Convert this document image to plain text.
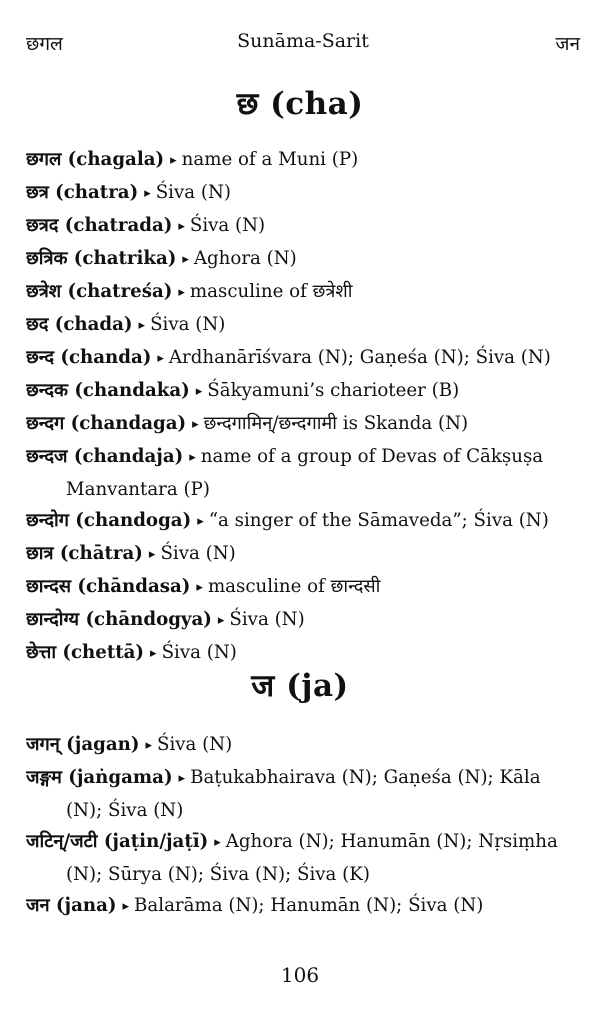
छगल	Sunāma-Sarit	जन
छ (cha)
छगल (chagala) ▸ name of a Muni (P)
छत्र (chatra) ▸ Śiva (N)
छत्रद (chatrada) ▸ Śiva (N)
छत्रिक (chatrika) ▸ Aghora (N)
छत्रेश (chatreśa) ▸ masculine of छत्रेशी
छद (chada) ▸ Śiva (N)
छन्द (chanda) ▸ Ardhanārīśvara (N); Gaṇeśa (N); Śiva (N)
छन्दक (chandaka) ▸ Śākyamuni’s charioteer (B)
छन्दग (chandaga) ▸ छन्दगामिन्/छन्दगामी is Skanda (N)
छन्दज (chandaja) ▸ name of a group of Devas of Cākṣuṣa
Manvantara (P)
छन्दोग (chandoga) ▸ “a singer of the Sāmaveda”; Śiva (N)
छात्र (chātra) ▸ Śiva (N)
छान्दस (chāndasa) ▸ masculine of छान्दसी
छान्दोग्य (chāndogya) ▸ Śiva (N)
छेत्ता (chettā) ▸ Śiva (N)
ज (ja)
जगन् (jagan) ▸ Śiva (N)
जङ्गम (jaṅgama) ▸ Baṭukabhairava (N); Gaṇeśa (N); Kāla
(N); Śiva (N)
जटिन्/जटी (jaṭin/jaṭī) ▸ Aghora (N); Hanumān (N); Nṛsiṃha
(N); Sūrya (N); Śiva (N); Śiva (K)
जन (jana) ▸ Balarāma (N); Hanumān (N); Śiva (N)
106
